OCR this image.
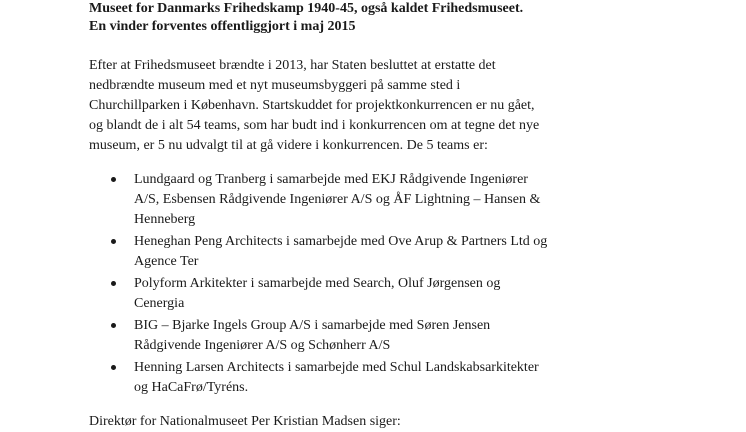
Museet for Danmarks Frihedskamp 1940-45, også kaldet Frihedsmuseet.
En vinder forventes offentliggjort i maj 2015
Efter at Frihedsmuseet brændte i 2013, har Staten besluttet at erstatte det
nedbrændte museum med et nyt museumsbyggeri på samme sted i
Churchillparken i København. Startskuddet for projektkonkurrencen er nu gået,
og blandt de i alt 54 teams, som har budt ind i konkurrencen om at tegne det nye
museum, er 5 nu udvalgt til at gå videre i konkurrencen. De 5 teams er:
Lundgaard og Tranberg i samarbejde med EKJ Rådgivende Ingeniører
A/S, Esbensen Rådgivende Ingeniører A/S og ÅF Lightning – Hansen &
Henneberg
Heneghan Peng Architects i samarbejde med Ove Arup & Partners Ltd og
Agence Ter
Polyform Arkitekter i samarbejde med Search, Oluf Jørgensen og
Cenergia
BIG – Bjarke Ingels Group A/S i samarbejde med Søren Jensen
Rådgivende Ingeniører A/S og Schønherr A/S
Henning Larsen Architects i samarbejde med Schul Landskabsarkitekter
og HaCaFrø/Tyréns.
Direktør for Nationalmuseet Per Kristian Madsen siger:
